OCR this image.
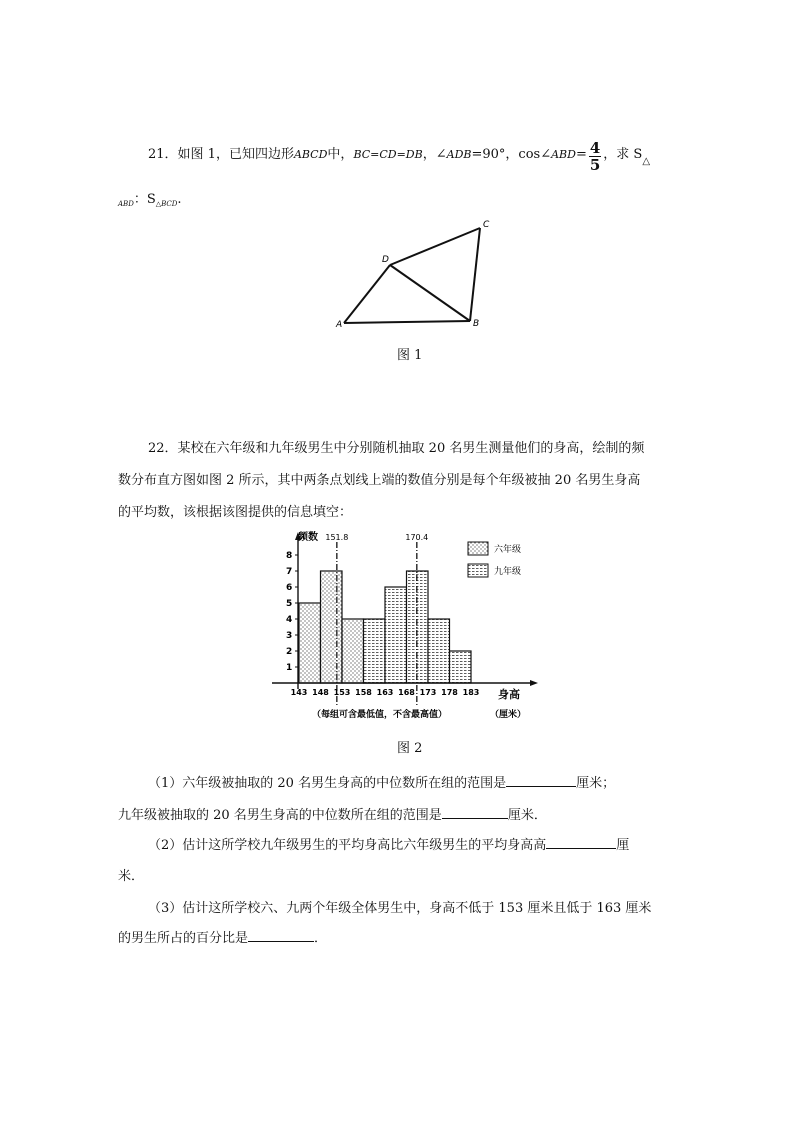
21．如图 1，已知四边形ABCD中，BC=CD=DB，∠ADB=90°，cos∠ABD= $\frac{4}{5}$ ，求 $S_\triangle$
$_{ABD}$：$S_{\triangle BCD}$.
A	B
C
D
图 1
22．某校在六年级和九年级男生中分别随机抽取 20 名男生测量他们的身高，绘制的频
数分布直方图如图 2 所示，其中两条点划线上端的数值分别是每个年级被抽 20 名男生身高
的平均数，该根据该图提供的信息填空：
1
2
3
4
5
6
7
8
143 148 153 158 163 168 173 178 183
151.8	170.4
频数
身高
（每组可含最低值，不含最高值）	（厘米）
六年级
九年级
图 2
（1）六年级被抽取的 20 名男生身高的中位数所在组的范围是	厘米；
九年级被抽取的 20 名男生身高的中位数所在组的范围是	厘米．
（2）估计这所学校九年级男生的平均身高比六年级男生的平均身高高	厘
米．
（3）估计这所学校六、九两个年级全体男生中，身高不低于 153 厘米且低于 163 厘米
的男生所占的百分比是	．
